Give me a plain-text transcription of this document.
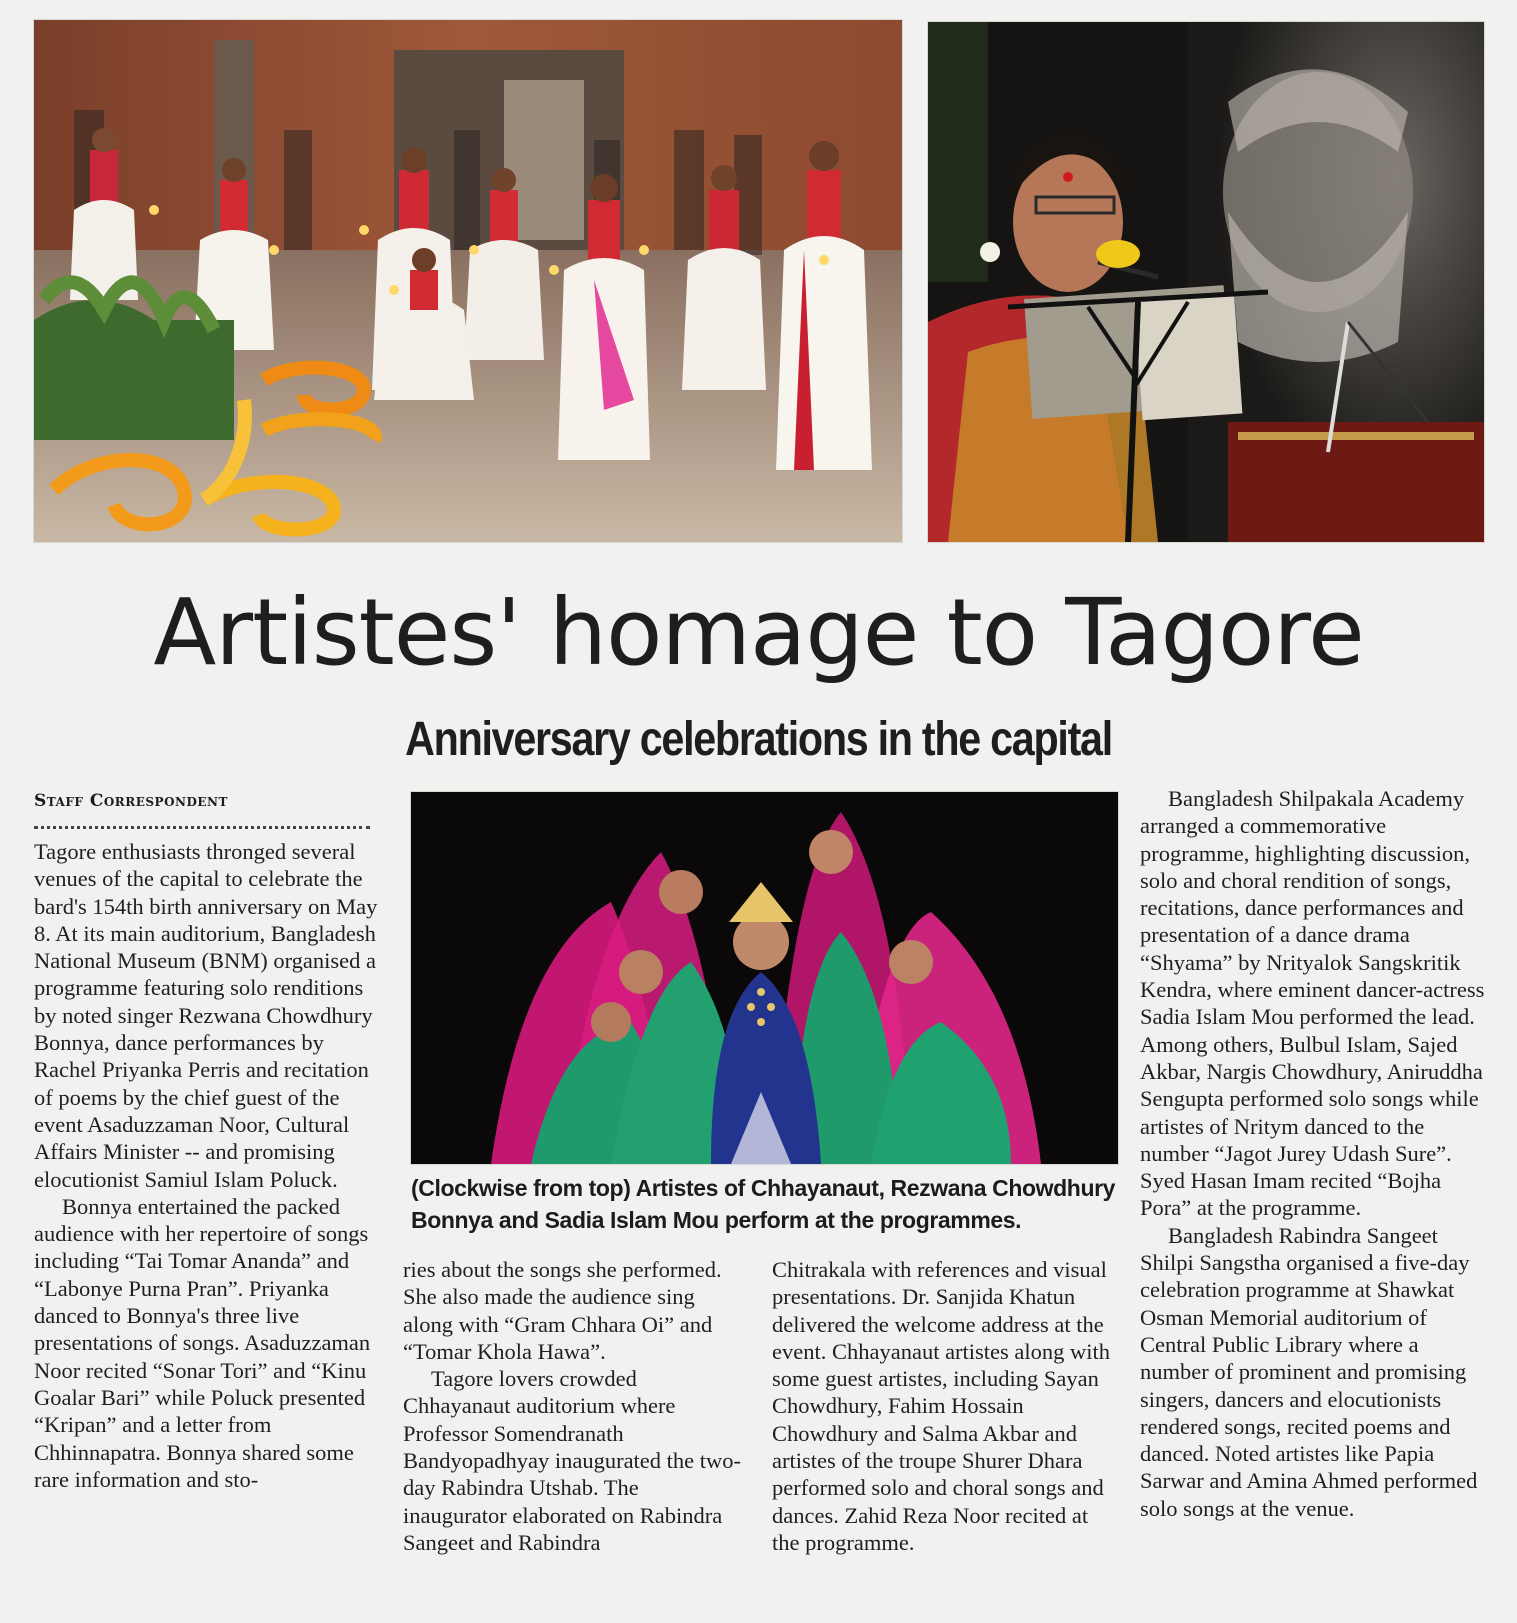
Artistes' homage to Tagore
Anniversary celebrations in the capital
Staff Correspondent
Tagore enthusiasts thronged several venues of the capital to celebrate the bard's 154th birth anniversary on May 8. At its main auditorium, Bangladesh National Museum (BNM) organised a programme featuring solo renditions by noted singer Rezwana Chowdhury Bonnya, dance performances by Rachel Priyanka Perris and recitation of poems by the chief guest of the event Asaduzzaman Noor, Cultural Affairs Minister -- and promising elocutionist Samiul Islam Poluck.
Bonnya entertained the packed audience with her repertoire of songs including “Tai Tomar Ananda” and “Labonye Purna Pran”. Priyanka danced to Bonnya's three live presentations of songs. Asaduzzaman Noor recited “Sonar Tori” and “Kinu Goalar Bari” while Poluck presented “Kripan” and a letter from Chhinnapatra. Bonnya shared some rare information and sto-

(Clockwise from top) Artistes of Chhayanaut, Rezwana Chowdhury Bonnya and Sadia Islam Mou perform at the programmes.

ries about the songs she performed. She also made the audience sing along with “Gram Chhara Oi” and “Tomar Khola Hawa”.
Tagore lovers crowded Chhayanaut auditorium where Professor Somendranath Bandyopadhyay inaugurated the two-day Rabindra Utshab. The inaugurator elaborated on Rabindra Sangeet and Rabindra
Chitrakala with references and visual presentations. Dr. Sanjida Khatun delivered the welcome address at the event. Chhayanaut artistes along with some guest artistes, including Sayan Chowdhury, Fahim Hossain Chowdhury and Salma Akbar and artistes of the troupe Shurer Dhara performed solo and choral songs and dances. Zahid Reza Noor recited at the programme.
Bangladesh Shilpakala Academy arranged a commemorative programme, highlighting discussion, solo and choral rendition of songs, recitations, dance performances and presentation of a dance drama “Shyama” by Nrityalok Sangskritik Kendra, where eminent dancer-actress Sadia Islam Mou performed the lead. Among others, Bulbul Islam, Sajed Akbar, Nargis Chowdhury, Aniruddha Sengupta performed solo songs while artistes of Nritym danced to the number “Jagot Jurey Udash Sure”. Syed Hasan Imam recited “Bojha Pora” at the programme.
Bangladesh Rabindra Sangeet Shilpi Sangstha organised a five-day celebration programme at Shawkat Osman Memorial auditorium of Central Public Library where a number of prominent and promising singers, dancers and elocutionists rendered songs, recited poems and danced. Noted artistes like Papia Sarwar and Amina Ahmed performed solo songs at the venue.
